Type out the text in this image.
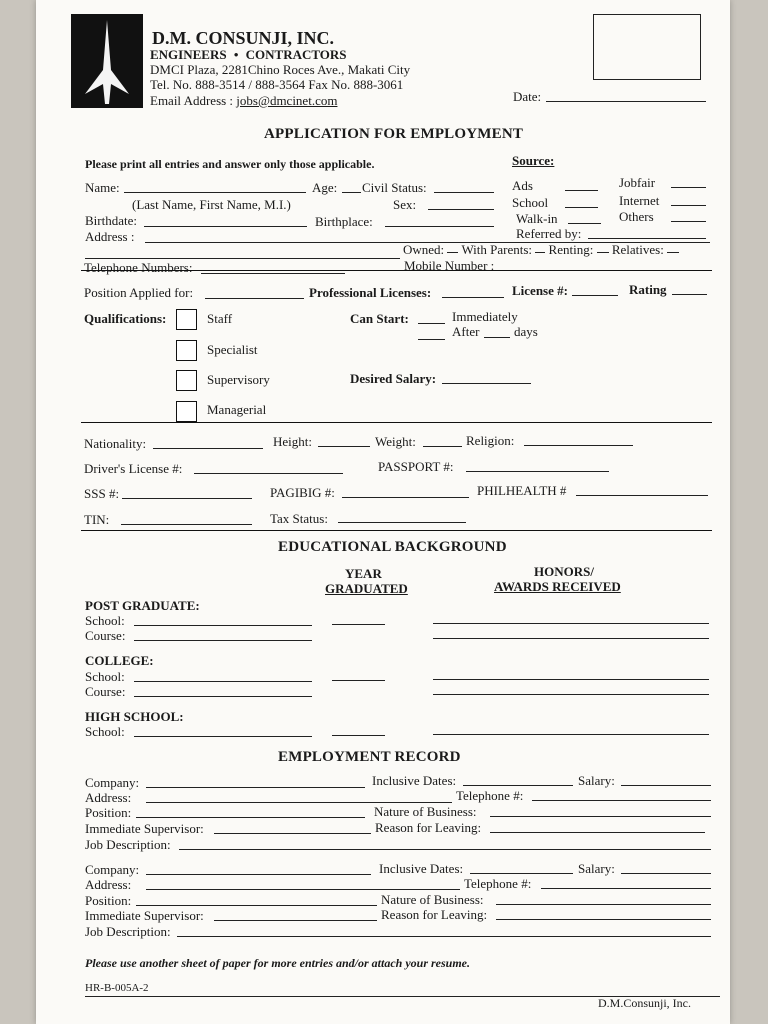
D.M. CONSUNJI, INC.
ENGINEERS • CONTRACTORS
DMCI Plaza, 2281Chino Roces Ave., Makati City
Tel. No. 888-3514 / 888-3564 Fax No. 888-3061
Email Address : jobs@dmcinet.com	Date:
APPLICATION FOR EMPLOYMENT
Please print all entries and answer only those applicable.	Source:
Ads
School
Walk-in
Jobfair
Internet
Others
Referred by:
Name:
(Last Name, First Name, M.I.)
Age: Civil Status:
Sex:
Birthdate:	Birthplace:
Address :
Owned: With Parents: Renting: Relatives:
Telephone Numbers:	Mobile Number :
Position Applied for:	Professional Licenses:	License #:	Rating
Qualifications:	Staff
Specialist
Supervisory
Managerial
Can Start:	Immediately
After	days
Desired Salary:
Nationality:	Height:	Weight:	Religion:
Driver's License #:	PASSPORT #:
SSS #:	PAGIBIG #:	PHILHEALTH #
TIN:	Tax Status:
EDUCATIONAL BACKGROUND
YEAR
GRADUATED
HONORS/
AWARDS RECEIVED
POST GRADUATE:
School:
Course:
COLLEGE:
School:
Course:
HIGH SCHOOL:
School:
EMPLOYMENT RECORD
Company:	Inclusive Dates:	Salary:
Address:	Telephone #:
Position:	Nature of Business:
Immediate Supervisor:	Reason for Leaving:
Job Description:
Company:	Inclusive Dates:	Salary:
Address:	Telephone #:
Position:	Nature of Business:
Immediate Supervisor:	Reason for Leaving:
Job Description:
Please use another sheet of paper for more entries and/or attach your resume.
HR-B-005A-2
D.M.Consunji, Inc.
